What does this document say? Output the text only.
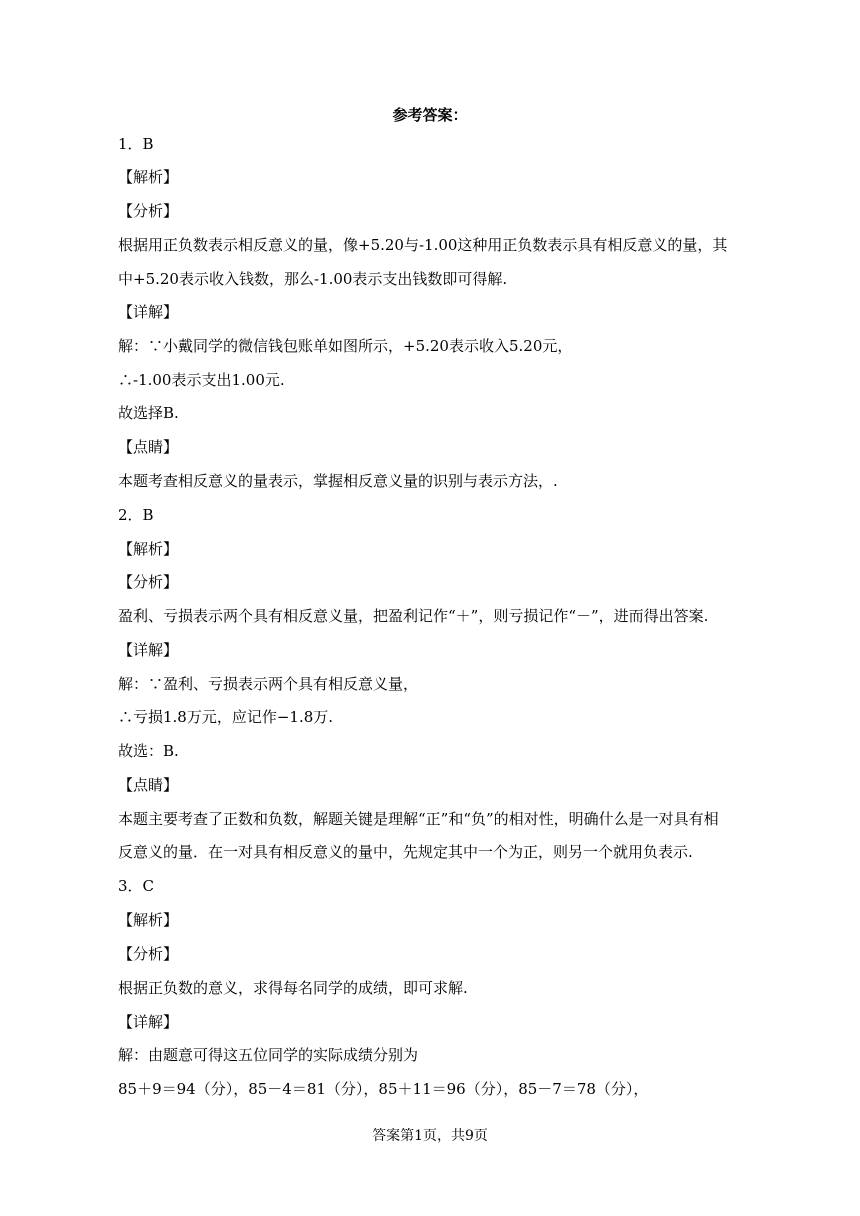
参考答案：
1．B
【解析】
【分析】
根据用正负数表示相反意义的量，像+5.20与-1.00这种用正负数表示具有相反意义的量，其
中+5.20表示收入钱数，那么-1.00表示支出钱数即可得解.
【详解】
解：∵小戴同学的微信钱包账单如图所示，+5.20表示收入5.20元，
∴-1.00表示支出1.00元.
故选择B.
【点睛】
本题考查相反意义的量表示，掌握相反意义量的识别与表示方法，.
2．B
【解析】
【分析】
盈利、亏损表示两个具有相反意义量，把盈利记作“＋”，则亏损记作“－”，进而得出答案.
【详解】
解：∵盈利、亏损表示两个具有相反意义量，
∴亏损1.8万元，应记作−1.8万.
故选：B.
【点睛】
本题主要考查了正数和负数，解题关键是理解“正”和“负”的相对性，明确什么是一对具有相
反意义的量．在一对具有相反意义的量中，先规定其中一个为正，则另一个就用负表示.
3．C
【解析】
【分析】
根据正负数的意义，求得每名同学的成绩，即可求解.
【详解】
解：由题意可得这五位同学的实际成绩分别为
85＋9＝94（分），85－4＝81（分），85＋11＝96（分），85－7＝78（分），
答案第1页，共9页
